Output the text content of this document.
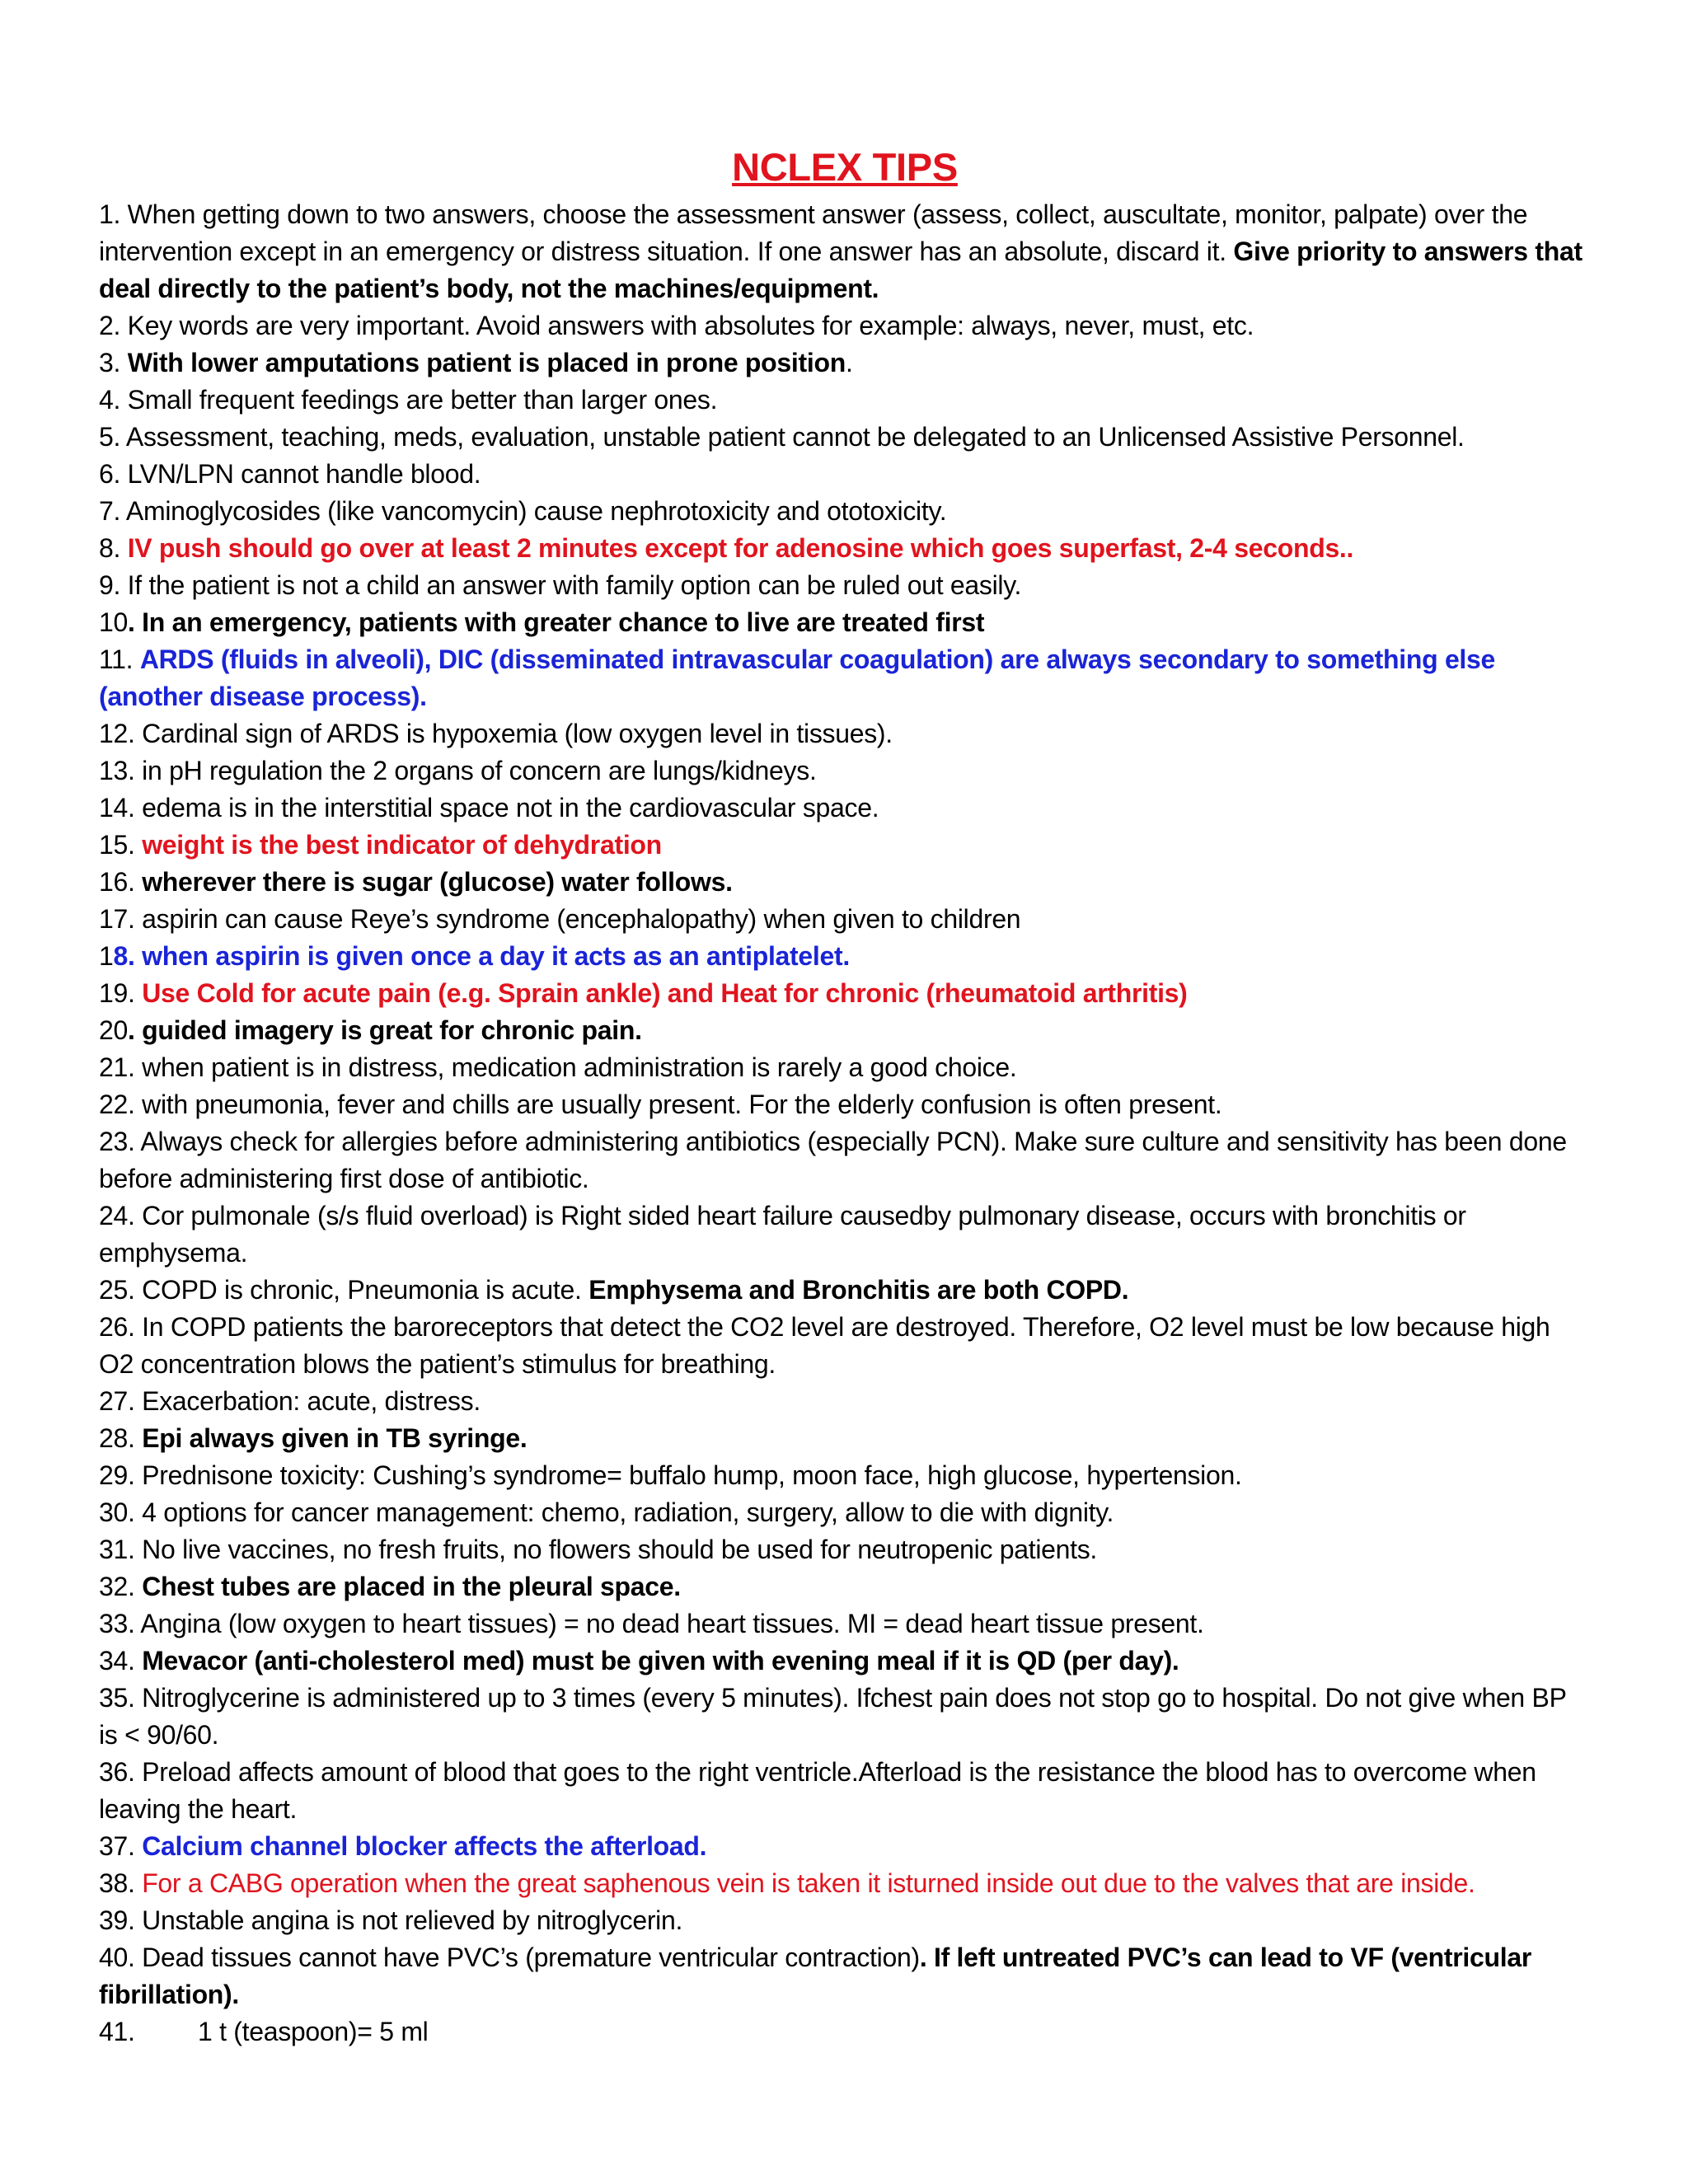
NCLEX TIPS
1. When getting down to two answers, choose the assessment answer (assess, collect, auscultate, monitor, palpate) over the intervention except in an emergency or distress situation. If one answer has an absolute, discard it. Give priority to answers that deal directly to the patient’s body, not the machines/equipment.
2. Key words are very important. Avoid answers with absolutes for example: always, never, must, etc.
3. With lower amputations patient is placed in prone position.
4. Small frequent feedings are better than larger ones.
5. Assessment, teaching, meds, evaluation, unstable patient cannot be delegated to an Unlicensed Assistive Personnel.
6. LVN/LPN cannot handle blood.
7. Aminoglycosides (like vancomycin) cause nephrotoxicity and ototoxicity.
8. IV push should go over at least 2 minutes except for adenosine which goes superfast, 2-4 seconds..
9. If the patient is not a child an answer with family option can be ruled out easily.
10. In an emergency, patients with greater chance to live are treated first
11. ARDS (fluids in alveoli), DIC (disseminated intravascular coagulation) are always secondary to something else (another disease process).
12. Cardinal sign of ARDS is hypoxemia (low oxygen level in tissues).
13. in pH regulation the 2 organs of concern are lungs/kidneys.
14. edema is in the interstitial space not in the cardiovascular space.
15. weight is the best indicator of dehydration
16. wherever there is sugar (glucose) water follows.
17. aspirin can cause Reye’s syndrome (encephalopathy) when given to children
18. when aspirin is given once a day it acts as an antiplatelet.
19. Use Cold for acute pain (e.g. Sprain ankle) and Heat for chronic (rheumatoid arthritis)
20. guided imagery is great for chronic pain.
21. when patient is in distress, medication administration is rarely a good choice.
22. with pneumonia, fever and chills are usually present. For the elderly confusion is often present.
23. Always check for allergies before administering antibiotics (especially PCN). Make sure culture and sensitivity has been done before administering first dose of antibiotic.
24. Cor pulmonale (s/s fluid overload) is Right sided heart failure causedby pulmonary disease, occurs with bronchitis or emphysema.
25. COPD is chronic, Pneumonia is acute. Emphysema and Bronchitis are both COPD.
26. In COPD patients the baroreceptors that detect the CO2 level are destroyed. Therefore, O2 level must be low because high O2 concentration blows the patient’s stimulus for breathing.
27. Exacerbation: acute, distress.
28. Epi always given in TB syringe.
29. Prednisone toxicity: Cushing’s syndrome= buffalo hump, moon face, high glucose, hypertension.
30. 4 options for cancer management: chemo, radiation, surgery, allow to die with dignity.
31. No live vaccines, no fresh fruits, no flowers should be used for neutropenic patients.
32. Chest tubes are placed in the pleural space.
33. Angina (low oxygen to heart tissues) = no dead heart tissues. MI = dead heart tissue present.
34. Mevacor (anti-cholesterol med) must be given with evening meal if it is QD (per day).
35. Nitroglycerine is administered up to 3 times (every 5 minutes). Ifchest pain does not stop go to hospital. Do not give when BP is < 90/60.
36. Preload affects amount of blood that goes to the right ventricle.Afterload is the resistance the blood has to overcome when leaving the heart.
37. Calcium channel blocker affects the afterload.
38. For a CABG operation when the great saphenous vein is taken it isturned inside out due to the valves that are inside.
39. Unstable angina is not relieved by nitroglycerin.
40. Dead tissues cannot have PVC’s (premature ventricular contraction). If left untreated PVC’s can lead to VF (ventricular fibrillation).
41. 1 t (teaspoon)= 5 ml
